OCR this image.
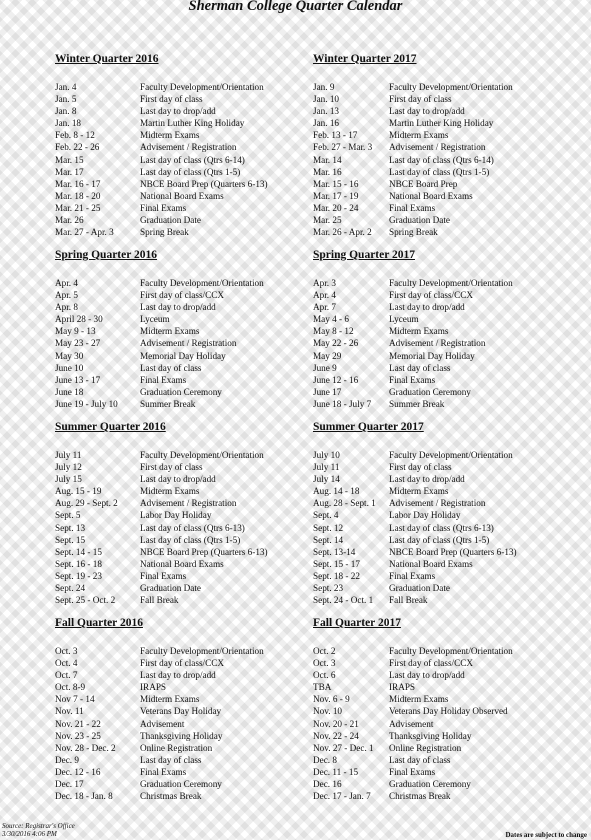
Sherman College Quarter Calendar
Winter Quarter 2016
Jan. 4	Faculty Development/Orientation
Jan. 5	First day of class
Jan. 8	Last day to drop/add
Jan. 18	Martin Luther King Holiday
Feb. 8 - 12	Midterm Exams
Feb. 22 - 26	Advisement / Registration
Mar. 15	Last day of class (Qtrs 6-14)
Mar. 17	Last day of class (Qtrs 1-5)
Mar. 16 - 17	NBCE Board Prep (Quarters 6-13)
Mar. 18 - 20	National Board Exams
Mar. 21 - 25	Final Exams
Mar. 26	Graduation Date
Mar. 27 - Apr. 3	Spring Break
Spring Quarter 2016
Apr. 4	Faculty Development/Orientation
Apr. 5	First day of class/CCX
Apr. 8	Last day to drop/add
April 28 - 30	Lyceum
May 9 - 13	Midterm Exams
May 23 - 27	Advisement / Registration
May 30	Memorial Day Holiday
June 10	Last day of class
June 13 - 17	Final Exams
June 18	Graduation Ceremony
June 19 - July 10	Summer Break
Summer Quarter 2016
July 11	Faculty Development/Orientation
July 12	First day of class
July 15	Last day to drop/add
Aug. 15 - 19	Midterm Exams
Aug. 29 - Sept. 2	Advisement / Registration
Sept. 5	Labor Day Holiday
Sept. 13	Last day of class (Qtrs 6-13)
Sept. 15	Last day of class (Qtrs 1-5)
Sept. 14 - 15	NBCE Board Prep (Quarters 6-13)
Sept. 16 - 18	National Board Exams
Sept. 19 - 23	Final Exams
Sept. 24	Graduation Date
Sept. 25 - Oct. 2	Fall Break
Fall Quarter 2016
Oct. 3	Faculty Development/Orientation
Oct. 4	First day of class/CCX
Oct. 7	Last day to drop/add
Oct. 8-9	IRAPS
Nov 7 - 14	Midterm Exams
Nov. 11	Veterans Day Holiday
Nov. 21 - 22	Advisement
Nov. 23 - 25	Thanksgiving Holiday
Nov. 28 - Dec. 2	Online Registration
Dec. 9	Last day of class
Dec. 12 - 16	Final Exams
Dec. 17	Graduation Ceremony
Dec. 18 - Jan. 8	Christmas Break
Winter Quarter 2017
Jan. 9	Faculty Development/Orientation
Jan. 10	First day of class
Jan. 13	Last day to drop/add
Jan. 16	Martin Luther King Holiday
Feb. 13 - 17	Midterm Exams
Feb. 27 - Mar. 3	Advisement / Registration
Mar. 14	Last day of class (Qtrs 6-14)
Mar. 16	Last day of class (Qtrs 1-5)
Mar. 15 - 16	NBCE Board Prep
Mar. 17 - 19	National Board Exams
Mar. 20 - 24	Final Exams
Mar. 25	Graduation Date
Mar. 26 - Apr. 2	Spring Break
Spring Quarter 2017
Apr. 3	Faculty Development/Orientation
Apr. 4	First day of class/CCX
Apr. 7	Last day to drop/add
May 4 - 6	Lyceum
May 8 - 12	Midterm Exams
May 22 - 26	Advisement / Registration
May 29	Memorial Day Holiday
June 9	Last day of class
June 12 - 16	Final Exams
June 17	Graduation Ceremony
June 18 - July 7	Summer Break
Summer Quarter 2017
July 10	Faculty Development/Orientation
July 11	First day of class
July 14	Last day to drop/add
Aug. 14 - 18	Midterm Exams
Aug. 28 - Sept. 1	Advisement / Registration
Sept. 4	Labor Day Holiday
Sept. 12	Last day of class (Qtrs 6-13)
Sept. 14	Last day of class (Qtrs 1-5)
Sept. 13-14	NBCE Board Prep (Quarters 6-13)
Sept. 15 - 17	National Board Exams
Sept. 18 - 22	Final Exams
Sept. 23	Graduation Date
Sept. 24 - Oct. 1	Fall Break
Fall Quarter 2017
Oct. 2	Faculty Development/Orientation
Oct. 3	First day of class/CCX
Oct. 6	Last day to drop/add
TBA	IRAPS
Nov. 6 - 9	Midterm Exams
Nov. 10	Veterans Day Holiday Observed
Nov. 20 - 21	Advisement
Nov. 22 - 24	Thanksgiving Holiday
Nov. 27 - Dec. 1	Online Registration
Dec. 8	Last day of class
Dec. 11 - 15	Final Exams
Dec. 16	Graduation Ceremony
Dec. 17 - Jan. 7	Christmas Break
Source: Registrar's Office
3/30/2016 4:06 PM	Dates are subject to change
